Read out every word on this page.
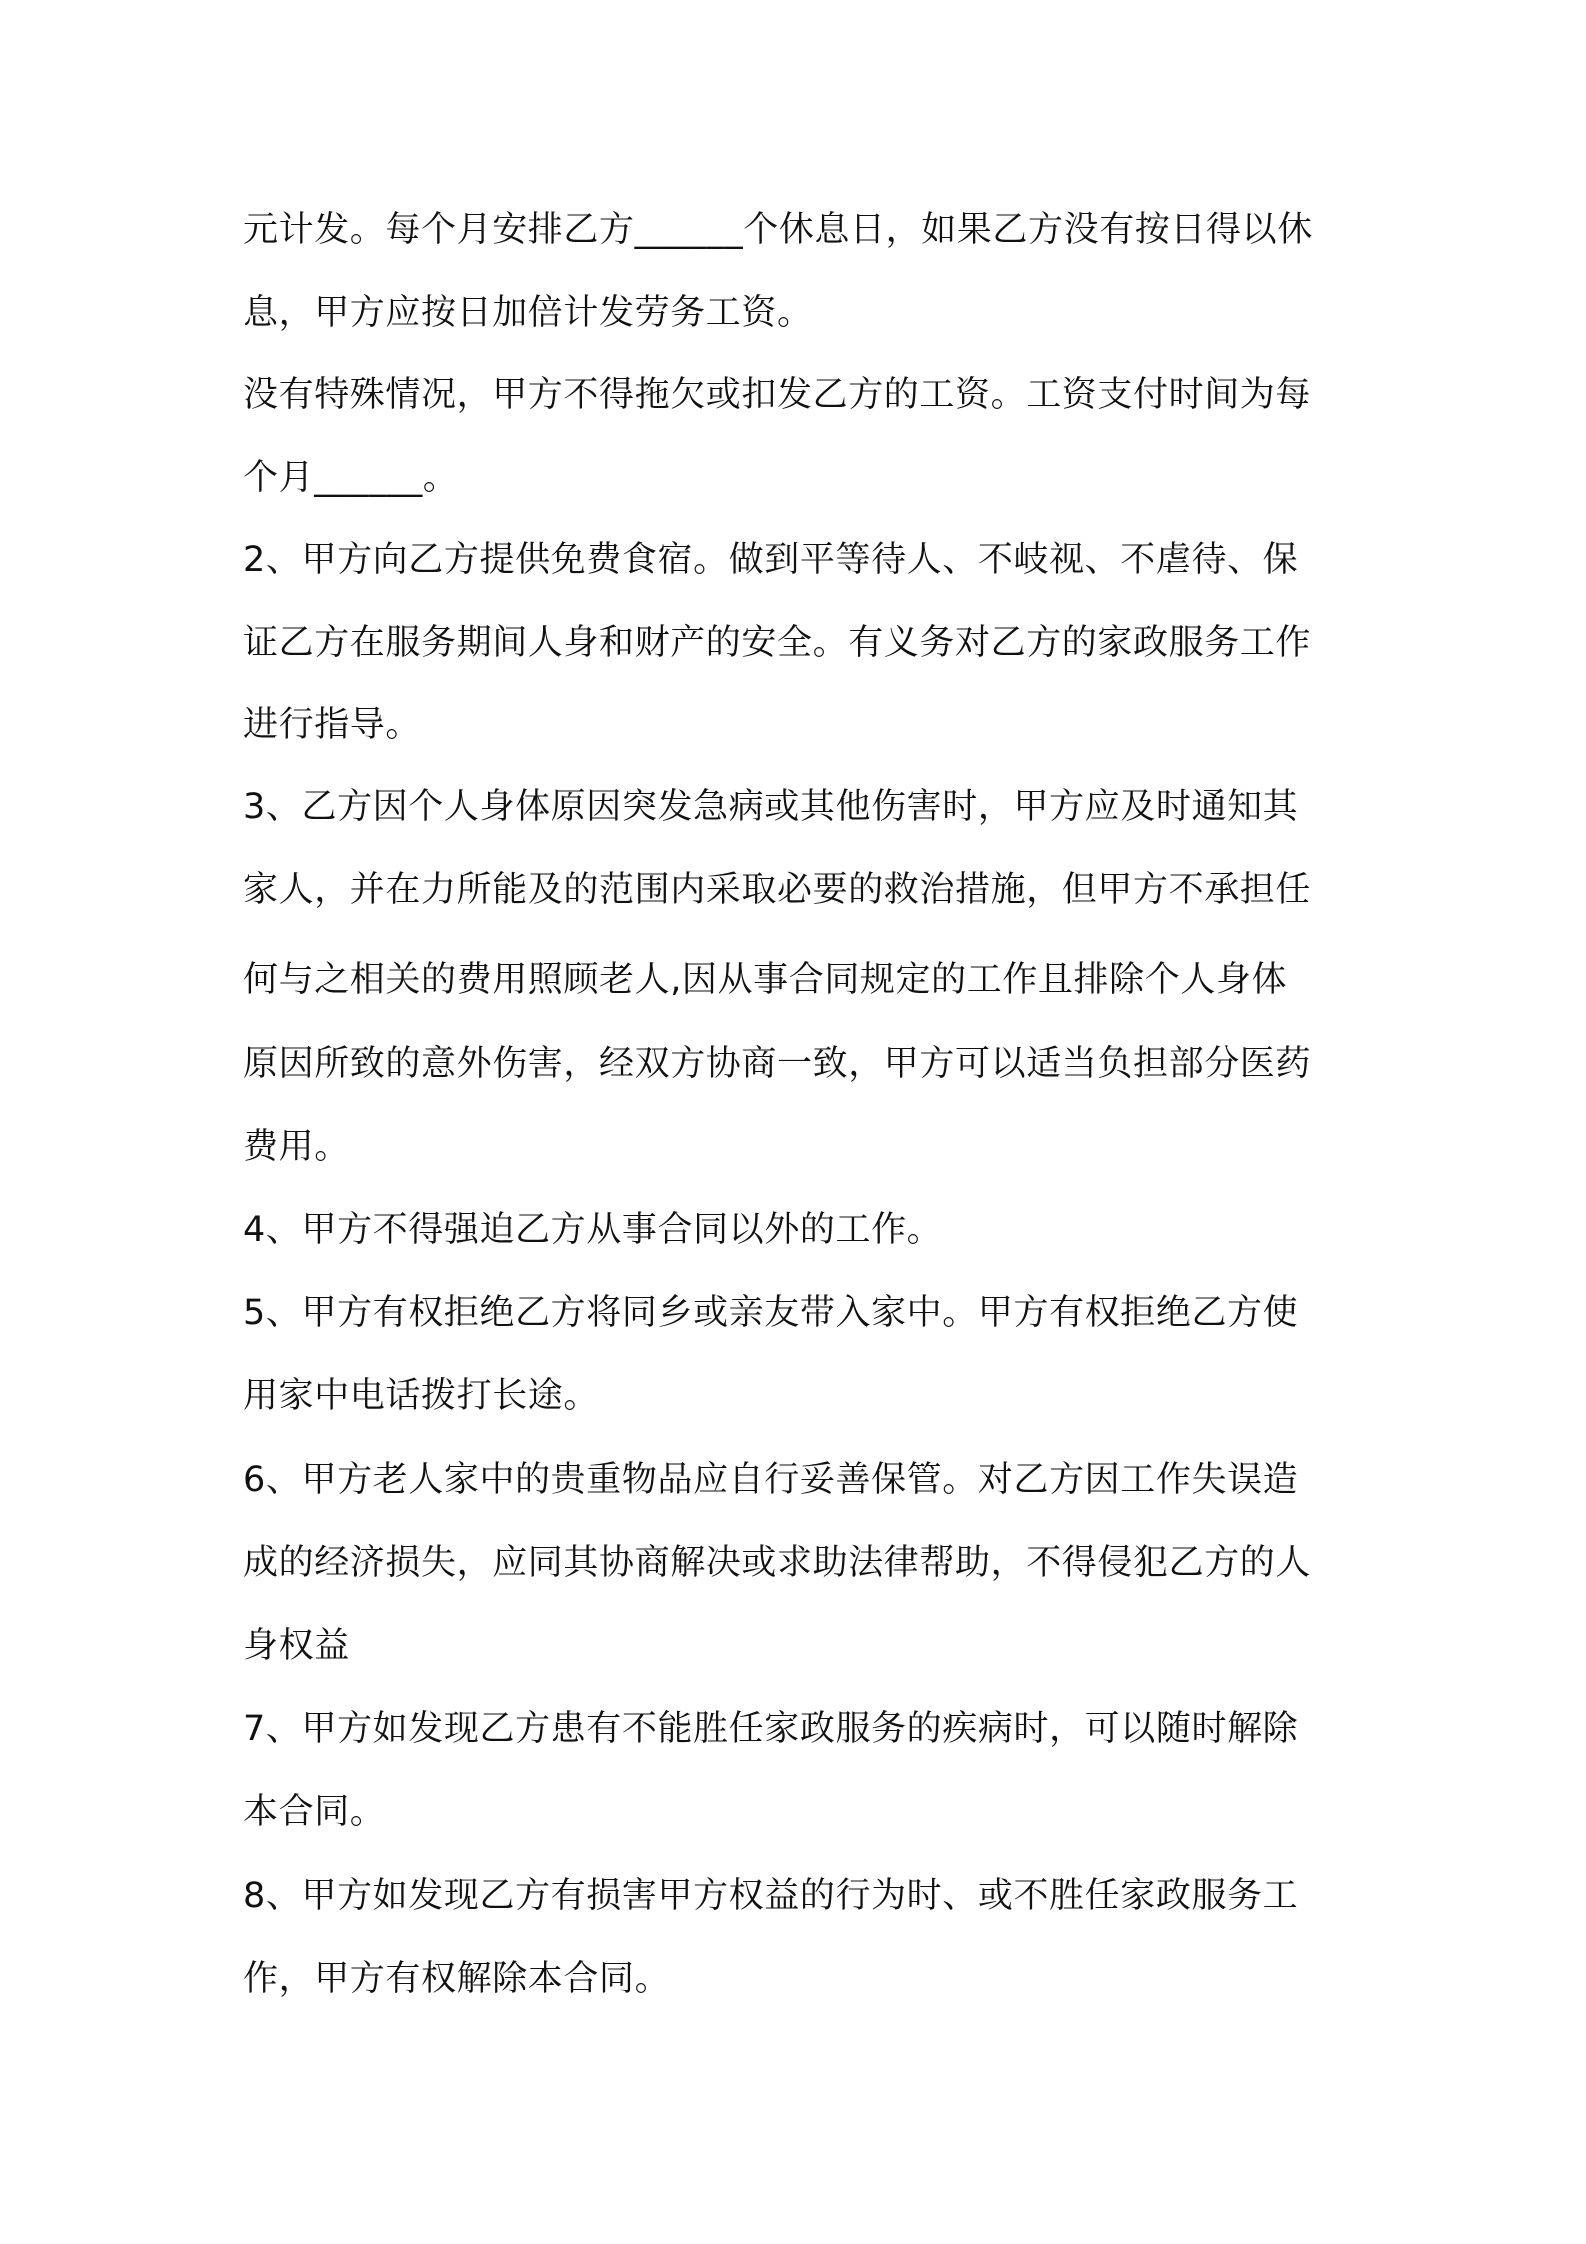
元计发。每个月安排乙方______个休息日，如果乙方没有按日得以休
息，甲方应按日加倍计发劳务工资。
没有特殊情况，甲方不得拖欠或扣发乙方的工资。工资支付时间为每
个月______。
2、甲方向乙方提供免费食宿。做到平等待人、不岐视、不虐待、保
证乙方在服务期间人身和财产的安全。有义务对乙方的家政服务工作
进行指导。
3、乙方因个人身体原因突发急病或其他伤害时，甲方应及时通知其
家人，并在力所能及的范围内采取必要的救治措施，但甲方不承担任
何与之相关的费用照顾老人,因从事合同规定的工作且排除个人身体
原因所致的意外伤害，经双方协商一致，甲方可以适当负担部分医药
费用。
4、甲方不得强迫乙方从事合同以外的工作。
5、甲方有权拒绝乙方将同乡或亲友带入家中。甲方有权拒绝乙方使
用家中电话拨打长途。
6、甲方老人家中的贵重物品应自行妥善保管。对乙方因工作失误造
成的经济损失，应同其协商解决或求助法律帮助，不得侵犯乙方的人
身权益
7、甲方如发现乙方患有不能胜任家政服务的疾病时，可以随时解除
本合同。
8、甲方如发现乙方有损害甲方权益的行为时、或不胜任家政服务工
作，甲方有权解除本合同。
